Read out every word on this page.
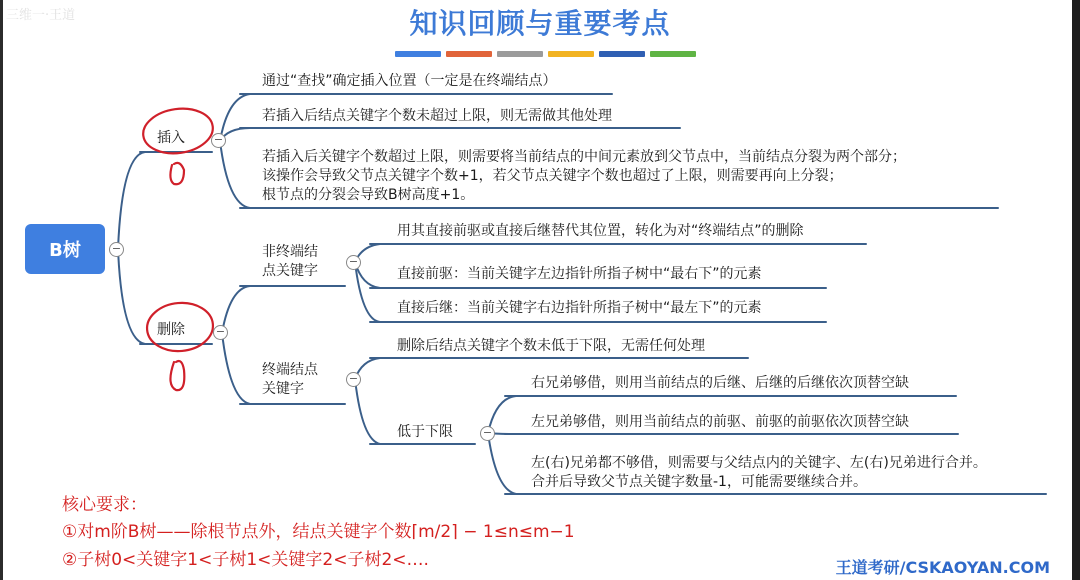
三维一·王道	知识回顾与重要考点
B树	−
插入	−
通过“查找”确定插入位置（一定是在终端结点）
若插入后结点关键字个数未超过上限，则无需做其他处理
若插入后关键字个数超过上限，则需要将当前结点的中间元素放到父节点中，当前结点分裂为两个部分；
该操作会导致父节点关键字个数+1，若父节点关键字个数也超过了上限，则需要再向上分裂；
根节点的分裂会导致B树高度+1。
删除	−
非终端结
点关键字
−
用其直接前驱或直接后继替代其位置，转化为对“终端结点”的删除
直接前驱：当前关键字左边指针所指子树中“最右下”的元素
直接后继：当前关键字右边指针所指子树中“最左下”的元素
终端结点
关键字
−
删除后结点关键字个数未低于下限，无需任何处理
低于下限	−
右兄弟够借，则用当前结点的后继、后继的后继依次顶替空缺
左兄弟够借，则用当前结点的前驱、前驱的前驱依次顶替空缺
左(右)兄弟都不够借，则需要与父结点内的关键字、左(右)兄弟进行合并。
合并后导致父节点关键字数量-1，可能需要继续合并。
核心要求：
①对m阶B树——除根节点外，结点关键字个数⌈m/2⌉ − 1≤n≤m−1
②子树0<关键字1<子树1<关键字2<子树2<….	王道考研/CSKAOYAN.COM
